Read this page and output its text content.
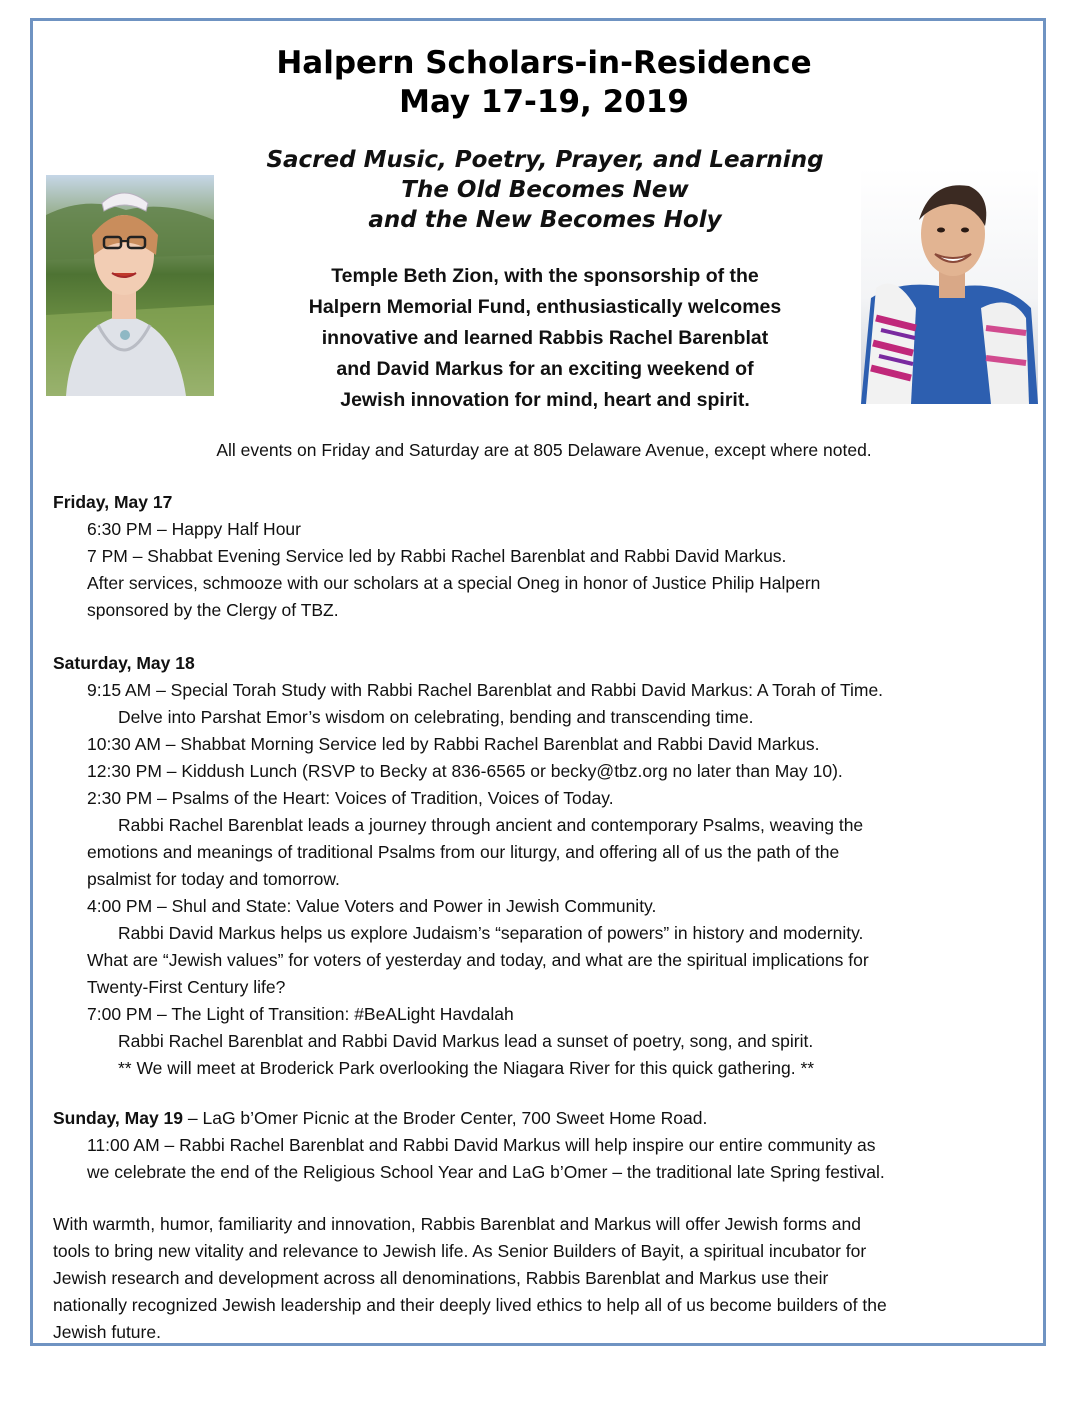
Halpern Scholars-in-Residence
May 17-19, 2019
Sacred Music, Poetry, Prayer, and Learning
The Old Becomes New
and the New Becomes Holy
Temple Beth Zion, with the sponsorship of the
Halpern Memorial Fund, enthusiastically welcomes
innovative and learned Rabbis Rachel Barenblat
and David Markus for an exciting weekend of
Jewish innovation for mind, heart and spirit.

All events on Friday and Saturday are at 805 Delaware Avenue, except where noted.

Friday, May 17
6:30 PM – Happy Half Hour
7 PM – Shabbat Evening Service led by Rabbi Rachel Barenblat and Rabbi David Markus.
After services, schmooze with our scholars at a special Oneg in honor of Justice Philip Halpern
sponsored by the Clergy of TBZ.
Saturday, May 18
9:15 AM – Special Torah Study with Rabbi Rachel Barenblat and Rabbi David Markus: A Torah of Time.
Delve into Parshat Emor’s wisdom on celebrating, bending and transcending time.
10:30 AM – Shabbat Morning Service led by Rabbi Rachel Barenblat and Rabbi David Markus.
12:30 PM – Kiddush Lunch (RSVP to Becky at 836-6565 or becky@tbz.org no later than May 10).
2:30 PM – Psalms of the Heart: Voices of Tradition, Voices of Today.
Rabbi Rachel Barenblat leads a journey through ancient and contemporary Psalms, weaving the
emotions and meanings of traditional Psalms from our liturgy, and offering all of us the path of the
psalmist for today and tomorrow.
4:00 PM – Shul and State: Value Voters and Power in Jewish Community.
Rabbi David Markus helps us explore Judaism’s “separation of powers” in history and modernity.
What are “Jewish values” for voters of yesterday and today, and what are the spiritual implications for
Twenty-First Century life?
7:00 PM – The Light of Transition: #BeALight Havdalah
Rabbi Rachel Barenblat and Rabbi David Markus lead a sunset of poetry, song, and spirit.
** We will meet at Broderick Park overlooking the Niagara River for this quick gathering. **
Sunday, May 19 – LaG b’Omer Picnic at the Broder Center, 700 Sweet Home Road.
11:00 AM – Rabbi Rachel Barenblat and Rabbi David Markus will help inspire our entire community as
we celebrate the end of the Religious School Year and LaG b’Omer – the traditional late Spring festival.
With warmth, humor, familiarity and innovation, Rabbis Barenblat and Markus will offer Jewish forms and
tools to bring new vitality and relevance to Jewish life. As Senior Builders of Bayit, a spiritual incubator for
Jewish research and development across all denominations, Rabbis Barenblat and Markus use their
nationally recognized Jewish leadership and their deeply lived ethics to help all of us become builders of the
Jewish future.
